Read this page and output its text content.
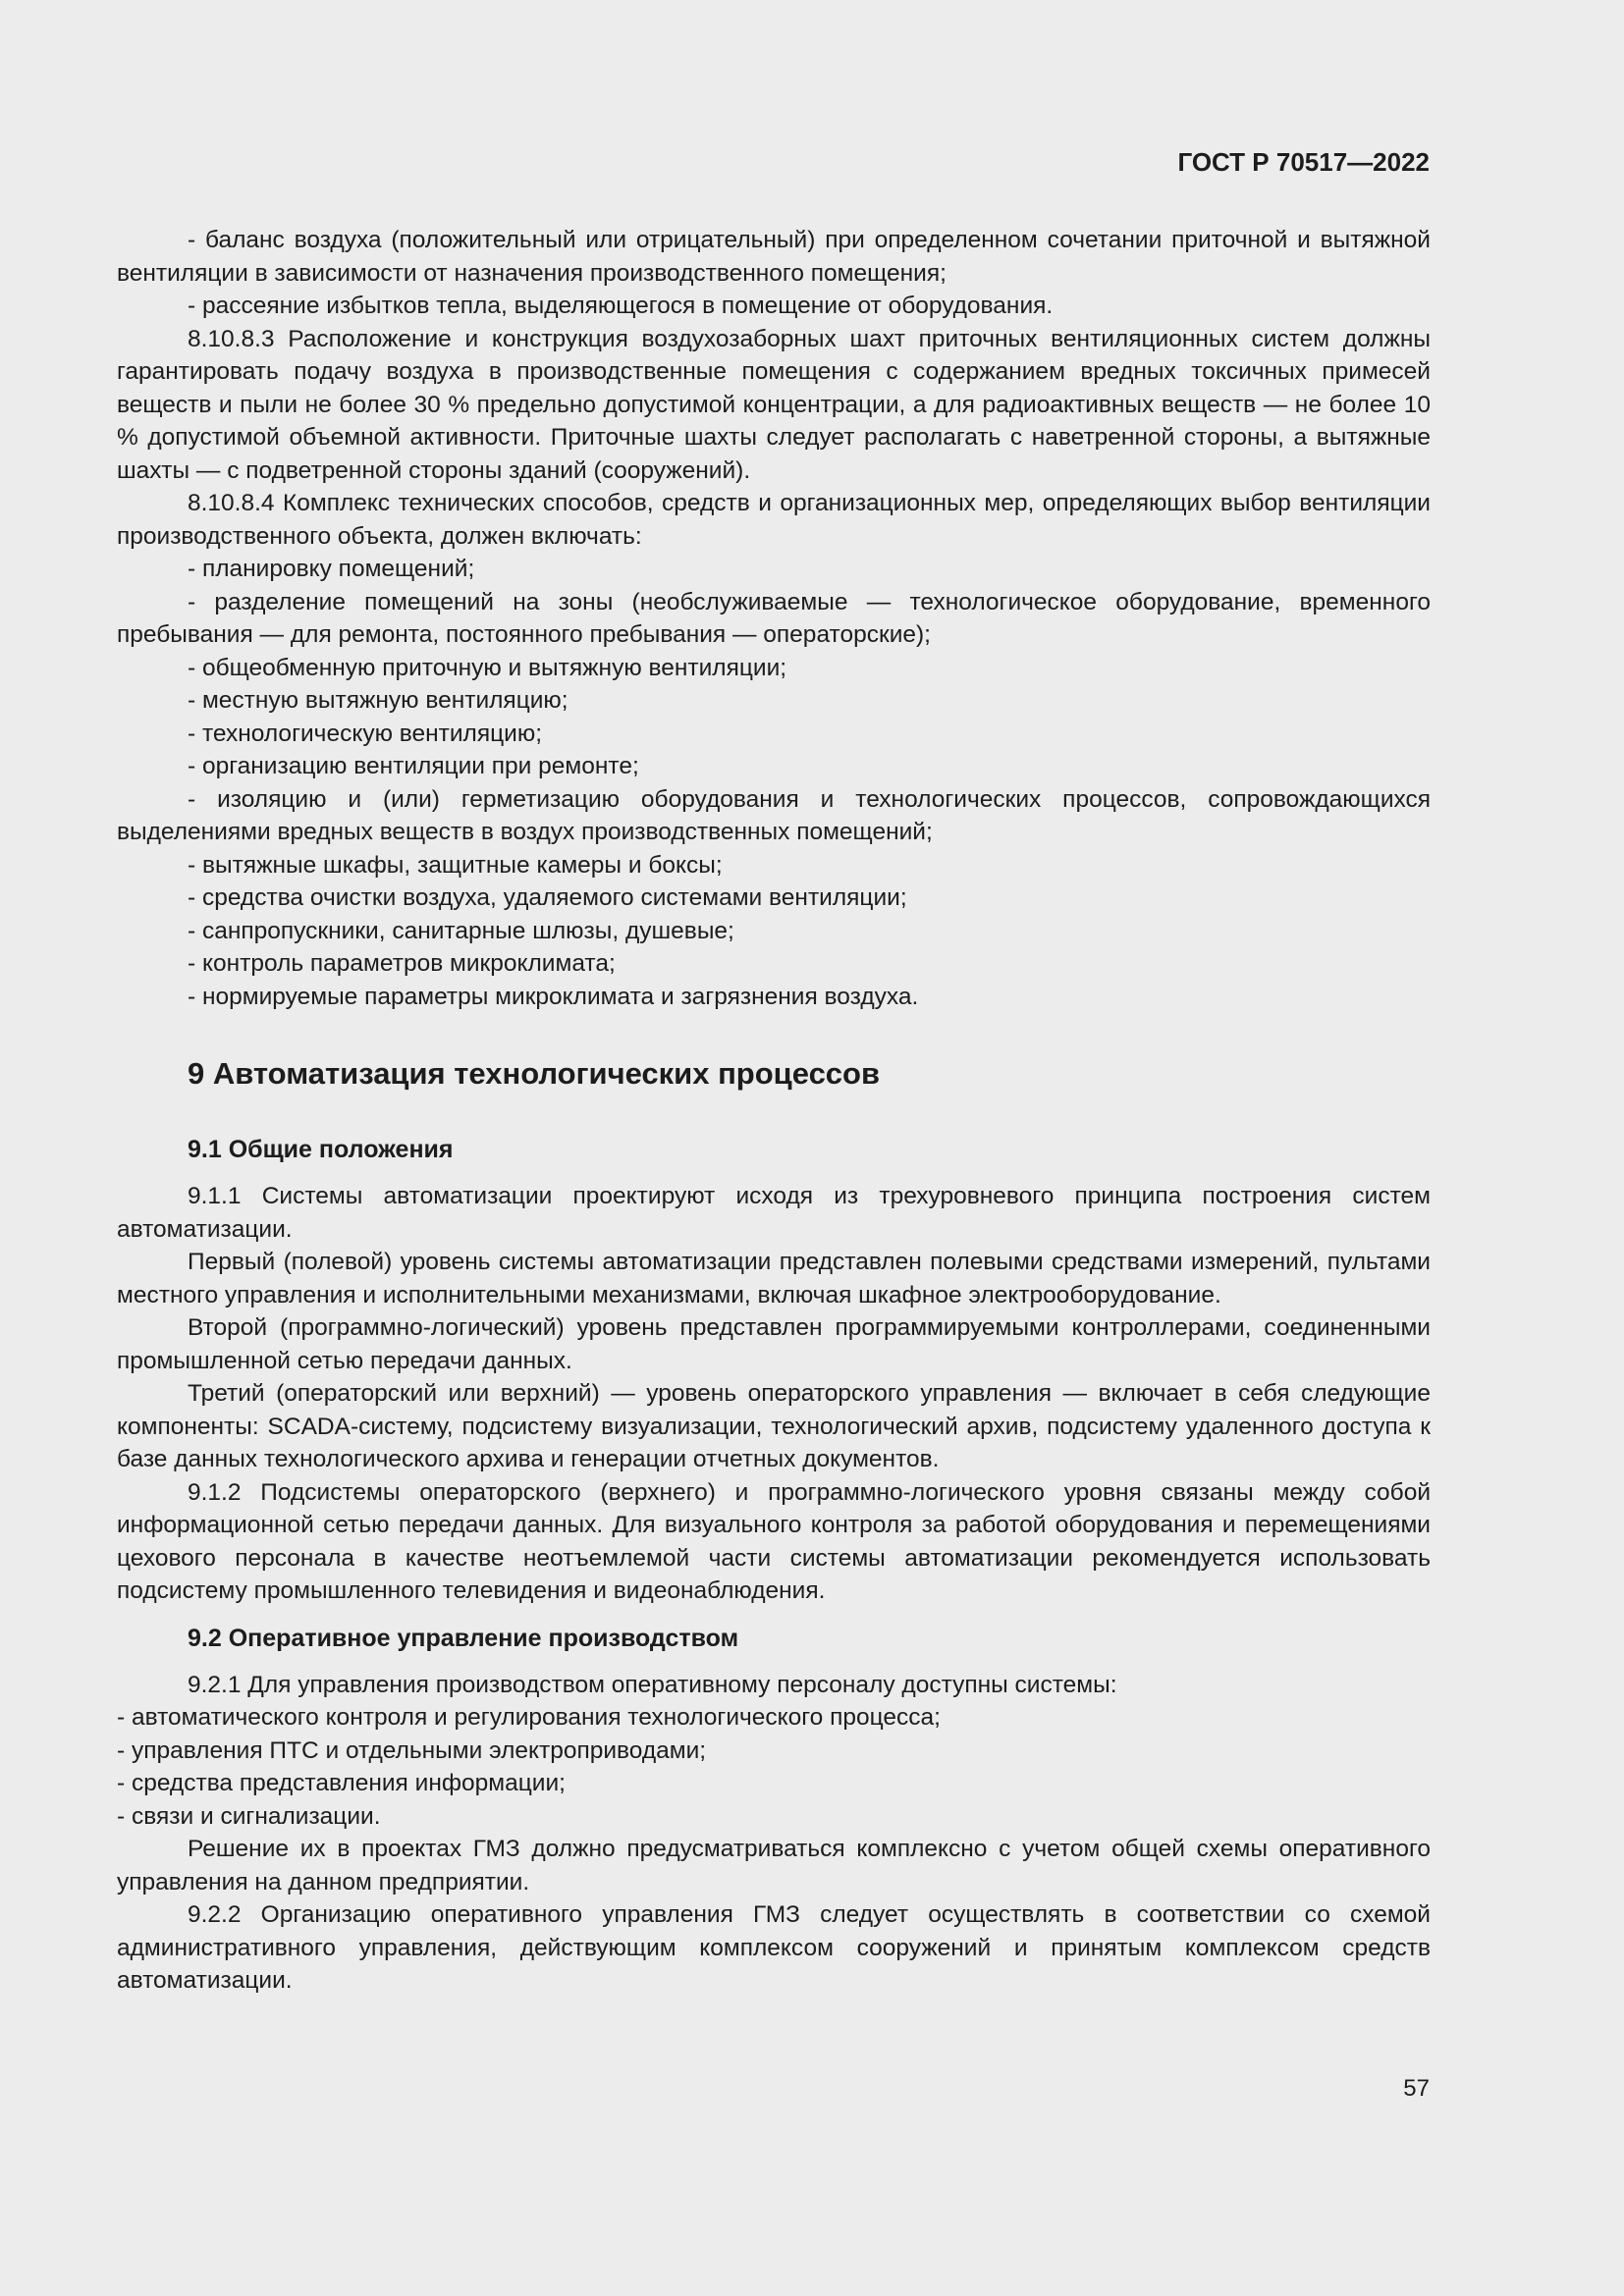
ГОСТ Р 70517—2022

- баланс воздуха (положительный или отрицательный) при определенном сочетании приточной и вытяжной вентиляции в зависимости от назначения производственного помещения;

- рассеяние избытков тепла, выделяющегося в помещение от оборудования.

8.10.8.3 Расположение и конструкция воздухозаборных шахт приточных вентиляционных систем должны гарантировать подачу воздуха в производственные помещения с содержанием вредных токсичных примесей веществ и пыли не более 30 % предельно допустимой концентрации, а для радиоактивных веществ — не более 10 % допустимой объемной активности. Приточные шахты следует располагать с наветренной стороны, а вытяжные шахты — с подветренной стороны зданий (сооружений).

8.10.8.4 Комплекс технических способов, средств и организационных мер, определяющих выбор вентиляции производственного объекта, должен включать:

- планировку помещений;

- разделение помещений на зоны (необслуживаемые — технологическое оборудование, временного пребывания — для ремонта, постоянного пребывания — операторские);

- общеобменную приточную и вытяжную вентиляции;

- местную вытяжную вентиляцию;

- технологическую вентиляцию;

- организацию вентиляции при ремонте;

- изоляцию и (или) герметизацию оборудования и технологических процессов, сопровождающихся выделениями вредных веществ в воздух производственных помещений;

- вытяжные шкафы, защитные камеры и боксы;

- средства очистки воздуха, удаляемого системами вентиляции;

- санпропускники, санитарные шлюзы, душевые;

- контроль параметров микроклимата;

- нормируемые параметры микроклимата и загрязнения воздуха.

9 Автоматизация технологических процессов
9.1 Общие положения

9.1.1 Системы автоматизации проектируют исходя из трехуровневого принципа построения систем автоматизации.

Первый (полевой) уровень системы автоматизации представлен полевыми средствами измерений, пультами местного управления и исполнительными механизмами, включая шкафное электрооборудование.

Второй (программно-логический) уровень представлен программируемыми контроллерами, соединенными промышленной сетью передачи данных.

Третий (операторский или верхний) — уровень операторского управления — включает в себя следующие компоненты: SCADA-систему, подсистему визуализации, технологический архив, подсистему удаленного доступа к базе данных технологического архива и генерации отчетных документов.

9.1.2 Подсистемы операторского (верхнего) и программно-логического уровня связаны между собой информационной сетью передачи данных. Для визуального контроля за работой оборудования и перемещениями цехового персонала в качестве неотъемлемой части системы автоматизации рекомендуется использовать подсистему промышленного телевидения и видеонаблюдения.

9.2 Оперативное управление производством

9.2.1 Для управления производством оперативному персоналу доступны системы:

- автоматического контроля и регулирования технологического процесса;

- управления ПТС и отдельными электроприводами;

- средства представления информации;

- связи и сигнализации.

Решение их в проектах ГМЗ должно предусматриваться комплексно с учетом общей схемы оперативного управления на данном предприятии.

9.2.2 Организацию оперативного управления ГМЗ следует осуществлять в соответствии со схемой административного управления, действующим комплексом сооружений и принятым комплексом средств автоматизации.

57
